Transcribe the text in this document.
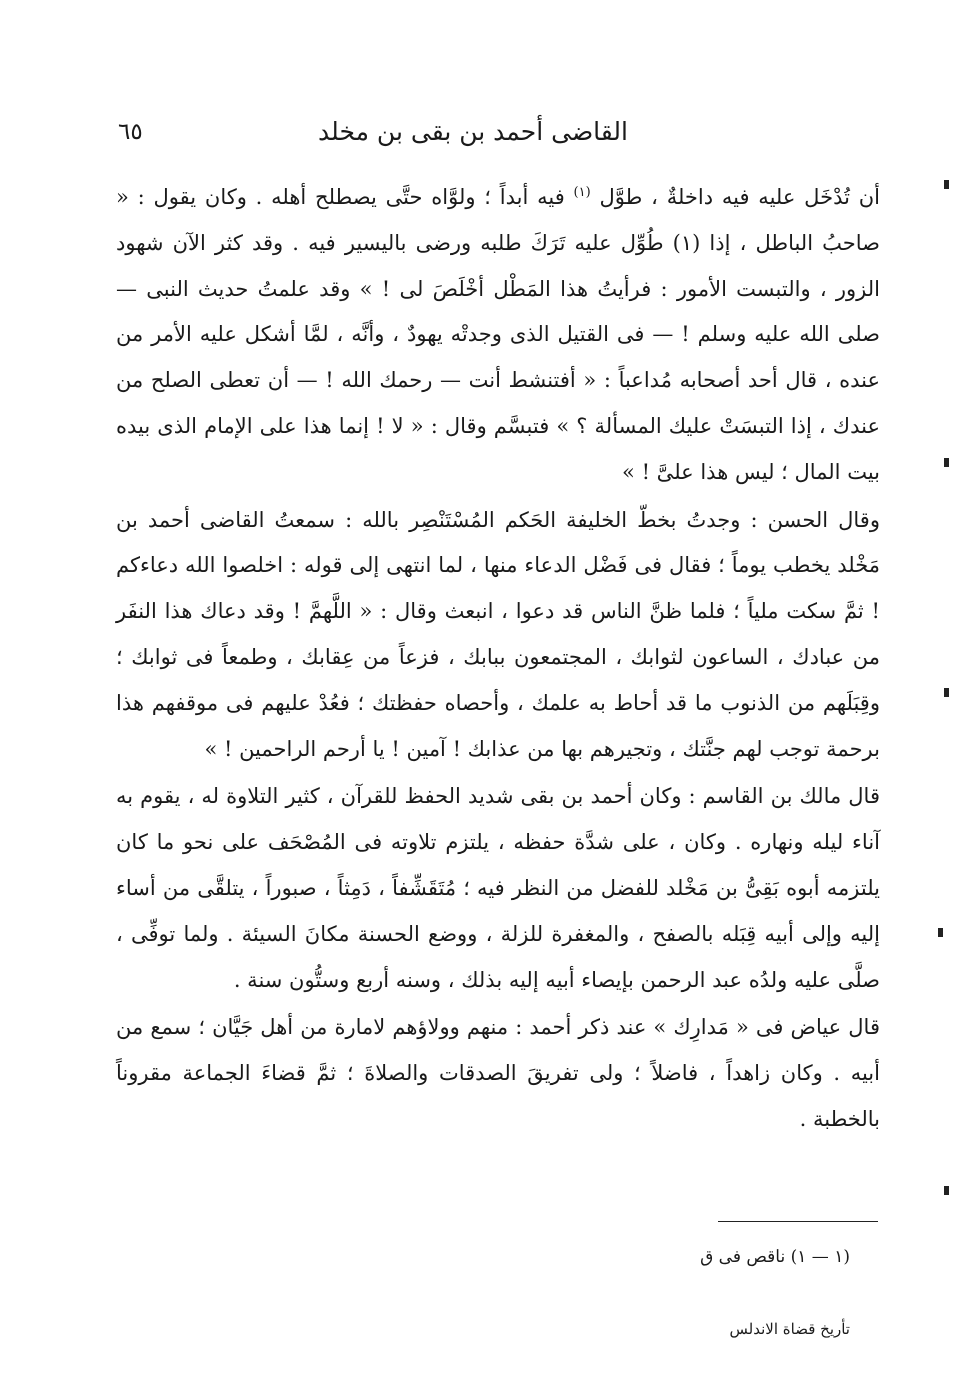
القاضى أحمد بن بقى بن مخلد
٦٥

أن تُدْخَل عليه فيه داخلةٌ ، طوَّل $^{(١)}$ فيه أبداً ؛ ولوَّاه حتَّى يصطلح أهله . وكان يقول : « صاحبُ الباطل ، إذا (١) طُوِّل عليه تَرَكَ طلبه ورضى باليسير فيه . وقد كثر الآن شهود الزور ، والتبست الأمور : فرأيتُ هذا المَطْل أخْلَصَ لى ! » وقد علمتُ حديث النبى — صلى الله عليه وسلم ! — فى القتيل الذى وجدتْه يهودٌ ، وأنَّه ، لمَّا أشكل عليه الأمر من عنده ، قال أحد أصحابه مُداعباً : « أفتنشط أنت — رحمك الله ! — أن تعطى الصلح من عندك ، إذا التبسَتْ عليك المسألة ؟ » فتبسَّم وقال : « لا ! إنما هذا على الإمام الذى بيده بيت المال ؛ ليس هذا علىَّ ! »

وقال الحسن : وجدتُ بخطّ الخليفة الحَكم المُسْتَنْصِر بالله : سمعتُ القاضى أحمد بن مَخْلد يخطب يوماً ؛ فقال فى فَضْل الدعاء منها ، لما انتهى إلى قوله : اخلصوا الله دعاءكم ! ثمَّ سكت ملياً ؛ فلما ظنَّ الناس قد دعوا ، انبعث وقال : « اللَّهمَّ ! وقد دعاك هذا النفَر من عبادك ، الساعون لثوابك ، المجتمعون ببابك ، فزعاً من عِقابك ، وطمعاً فى ثوابك ؛ وقِبَلَهم من الذنوب ما قد أحاط به علمك ، وأحصاه حفظتك ؛ فعُدْ عليهم فى موقفهم هذا برحمة توجب لهم جنَّتك ، وتجيرهم بها من عذابك ! آمين ! يا أرحم الراحمين ! »

قال مالك بن القاسم : وكان أحمد بن بقى شديد الحفظ للقرآن ، كثير التلاوة له ، يقوم به آناء ليله ونهاره . وكان ، على شدَّة حفظه ، يلتزم تلاوته فى المُصْحَف على نحو ما كان يلتزمه أبوه بَقِىُّ بن مَخْلد للفضل من النظر فيه ؛ مُتَقَشِّفاً ، دَمِثاً ، صبوراً ، يتلقَّى من أساء إليه وإلى أبيه قِبَله بالصفح ، والمغفرة للزلة ، ووضع الحسنة مكانَ السيئة . ولما توفِّى ، صلَّى عليه ولدُه عبد الرحمن بإيصاء أبيه إليه بذلك ، وسنه أربع وستُّون سنة .

قال عياض فى « مَدارِك » عند ذكر أحمد : منهم وولاؤهم لامارة من أهل جَيَّان ؛ سمع من أبيه . وكان زاهداً ، فاضلاً ؛ ولى تفريقَ الصدقات والصلاةَ ؛ ثمَّ قضاءَ الجماعة مقروناً بالخطبة .

(١ — ١) ناقص فى ق
تأريخ قضاة الاندلس
